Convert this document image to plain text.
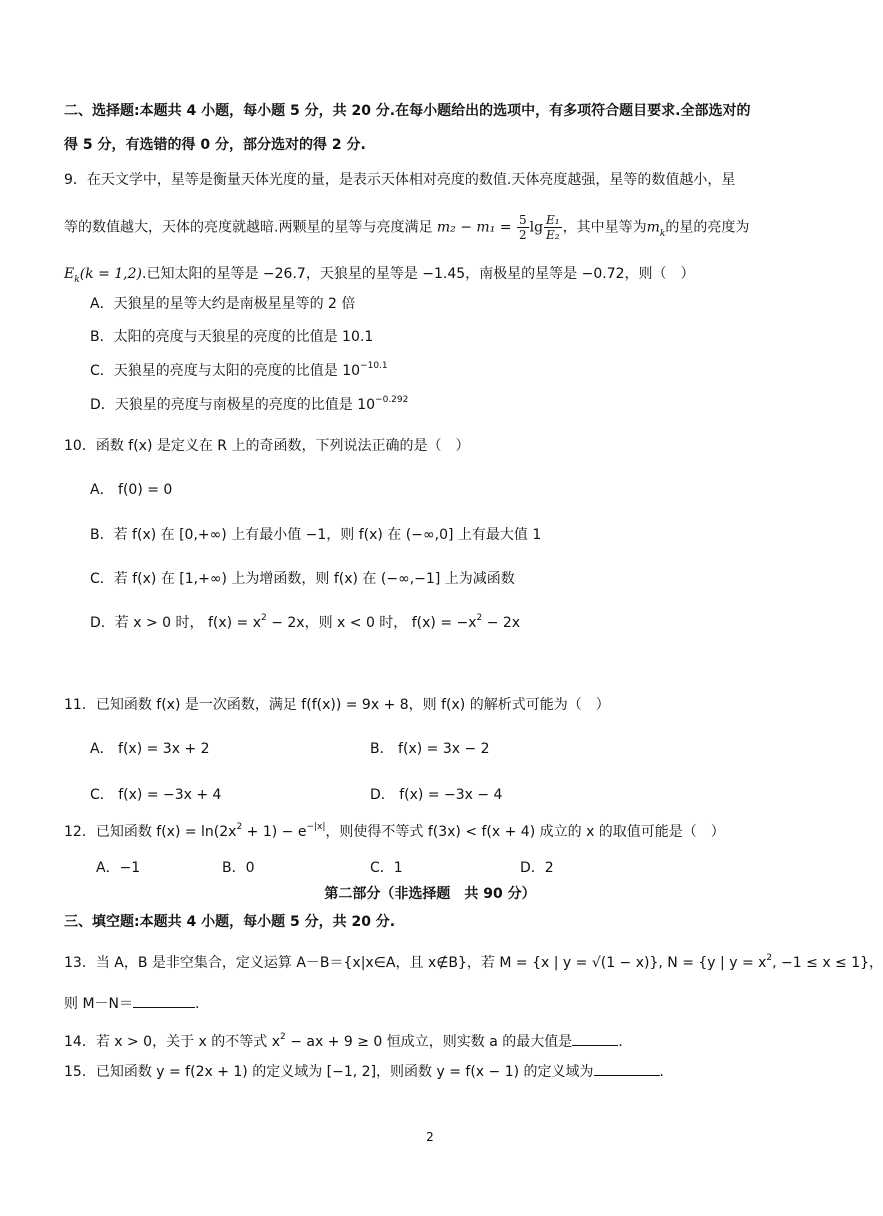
二、选择题:本题共 4 小题，每小题 5 分，共 20 分.在每小题给出的选项中，有多项符合题目要求.全部选对的
得 5 分，有选错的得 0 分，部分选对的得 2 分.
9．在天文学中，星等是衡量天体光度的量，是表示天体相对亮度的数值.天体亮度越强，星等的数值越小，星
等的数值越大，天体的亮度就越暗.两颗星的星等与亮度满足 $m_2 - m_1 = \frac{5}{2}$ $\lg \frac{\text{E₁}}{\text{E₂}}$ ，其中星等为$m_k$的星的亮度为
$E_k(k = 1,2)$.已知太阳的星等是 −26.7，天狼星的星等是 −1.45，南极星的星等是 −0.72，则（　）
A．天狼星的星等大约是南极星星等的 2 倍
B．太阳的亮度与天狼星的亮度的比值是 10.1
C．天狼星的亮度与太阳的亮度的比值是 $10^{-10.1}$
D．天狼星的亮度与南极星的亮度的比值是 $10^{-0.292}$
10．函数 f(x) 是定义在 R 上的奇函数，下列说法正确的是（　）
A． f(0) = 0
B．若 f(x) 在 [0,+∞) 上有最小值 −1，则 f(x) 在 (−∞,0] 上有最大值 1
C．若 f(x) 在 [1,+∞) 上为增函数，则 f(x) 在 (−∞,−1] 上为减函数
D．若 x > 0 时， $f(x) = x^2 - 2x$，则 x < 0 时， $f(x) = -x^2 - 2x$
11．已知函数 f(x) 是一次函数，满足 f(f(x)) = 9x + 8，则 f(x) 的解析式可能为（　）
A． f(x) = 3x + 2	B． f(x) = 3x − 2
C． f(x) = −3x + 4	D． f(x) = −3x − 4
12．已知函数 $f(x) = \ln(2x^2 + 1) - e^{-|x|}$，则使得不等式 f(3x) < f(x + 4) 成立的 x 的取值可能是（　）
A．−1	B．0	C．1	D．2
第二部分（非选择题　共 90 分）
三、填空题:本题共 4 小题，每小题 5 分，共 20 分.
13．当 A，B 是非空集合，定义运算 A－B＝{x|x∈A，且 x∉B}，若 M = {x | y = √(1 − x)}, N = {y | $y = x^2$, −1 ≤ x ≤ 1}，
则 M－N＝	.
14．若 x > 0，关于 x 的不等式 $x^2$ − ax + 9 ≥ 0 恒成立，则实数 a 的最大值是	.
15．已知函数 y = f(2x + 1) 的定义域为 [−1, 2]，则函数 y = f(x − 1) 的定义域为	.
2
